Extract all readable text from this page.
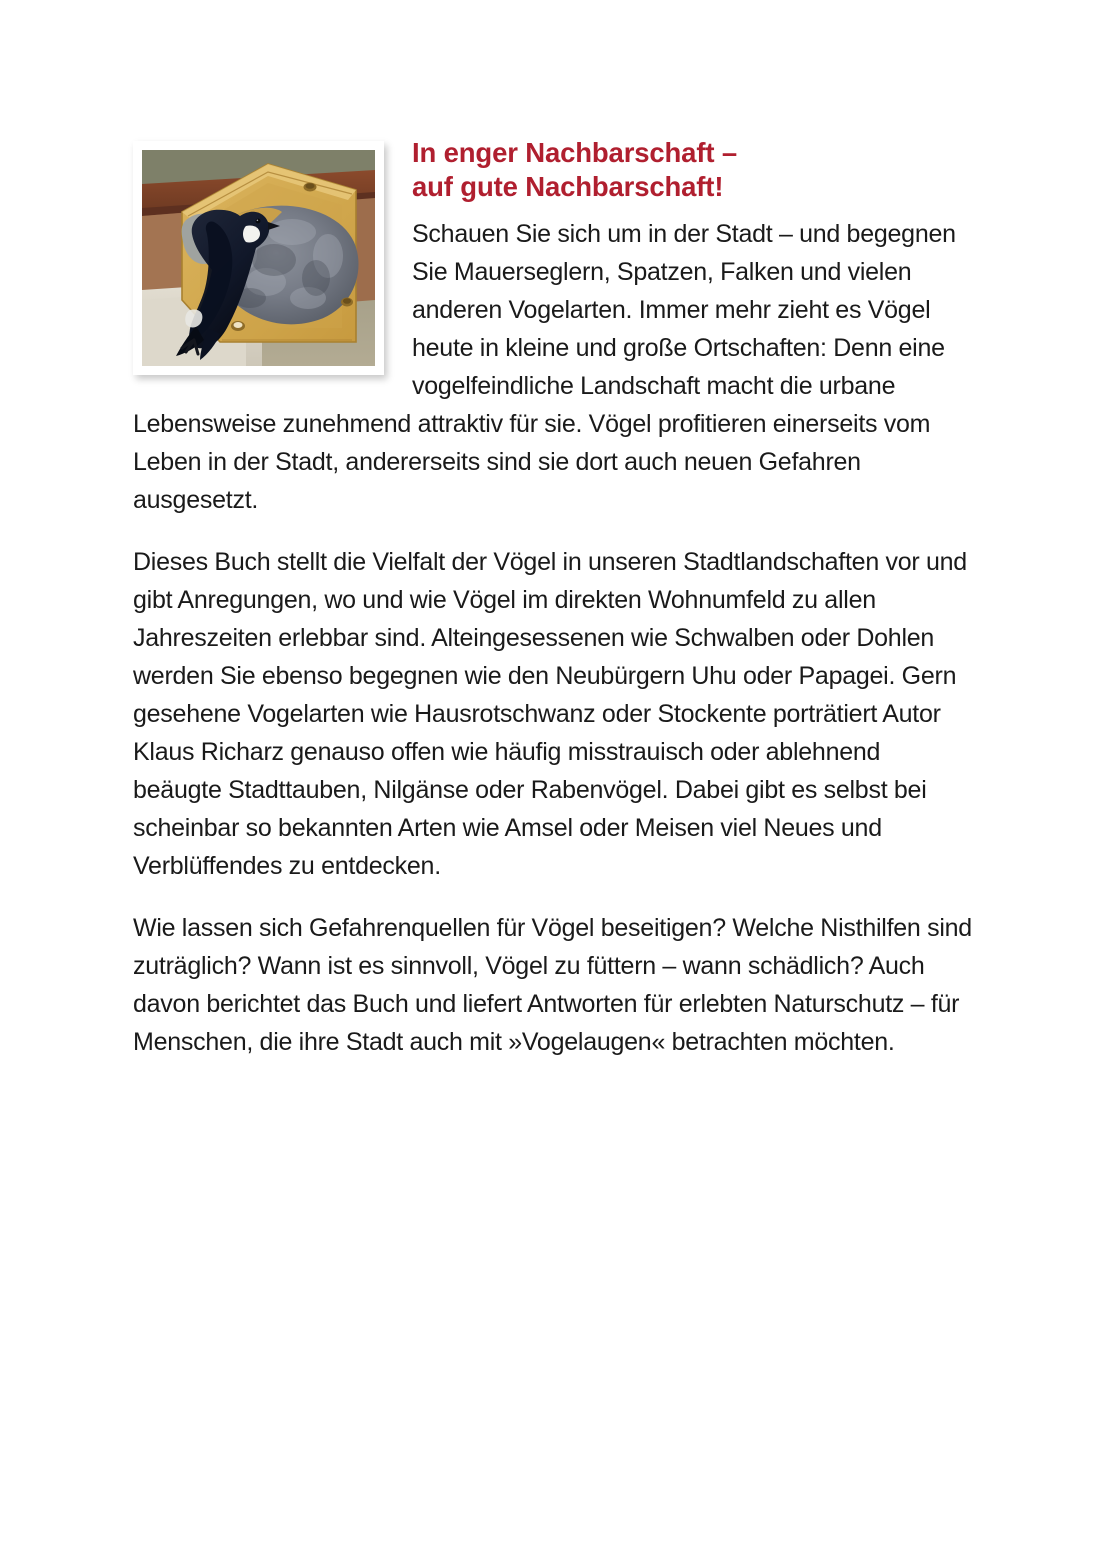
In enger Nachbarschaft –
auf gute Nachbarschaft!

Schauen Sie sich um in der Stadt – und begegnen Sie Mauerseglern, Spatzen, Falken und vielen anderen Vogelarten. Immer mehr zieht es Vögel heute in kleine und große Ortschaften: Denn eine vogelfeindliche Landschaft macht die urbane Lebensweise zunehmend attraktiv für sie. Vögel profitieren einerseits vom Leben in der Stadt, andererseits sind sie dort auch neuen Gefahren ausgesetzt.

Dieses Buch stellt die Vielfalt der Vögel in unseren Stadtlandschaften vor und gibt Anregungen, wo und wie Vögel im direkten Wohnumfeld zu allen Jahreszeiten erlebbar sind. Alteingesessenen wie Schwalben oder Dohlen werden Sie ebenso begegnen wie den Neubürgern Uhu oder Papagei. Gern gesehene Vogelarten wie Hausrotschwanz oder Stockente porträtiert Autor Klaus Richarz genauso offen wie häufig misstrauisch oder ablehnend beäugte Stadttauben, Nilgänse oder Rabenvögel. Dabei gibt es selbst bei scheinbar so bekannten Arten wie Amsel oder Meisen viel Neues und Verblüffendes zu entdecken.

Wie lassen sich Gefahrenquellen für Vögel beseitigen? Welche Nisthilfen sind zuträglich? Wann ist es sinnvoll, Vögel zu füttern – wann schädlich? Auch davon berichtet das Buch und liefert Antworten für erlebten Naturschutz – für Menschen, die ihre Stadt auch mit »Vogelaugen« betrachten möchten.
